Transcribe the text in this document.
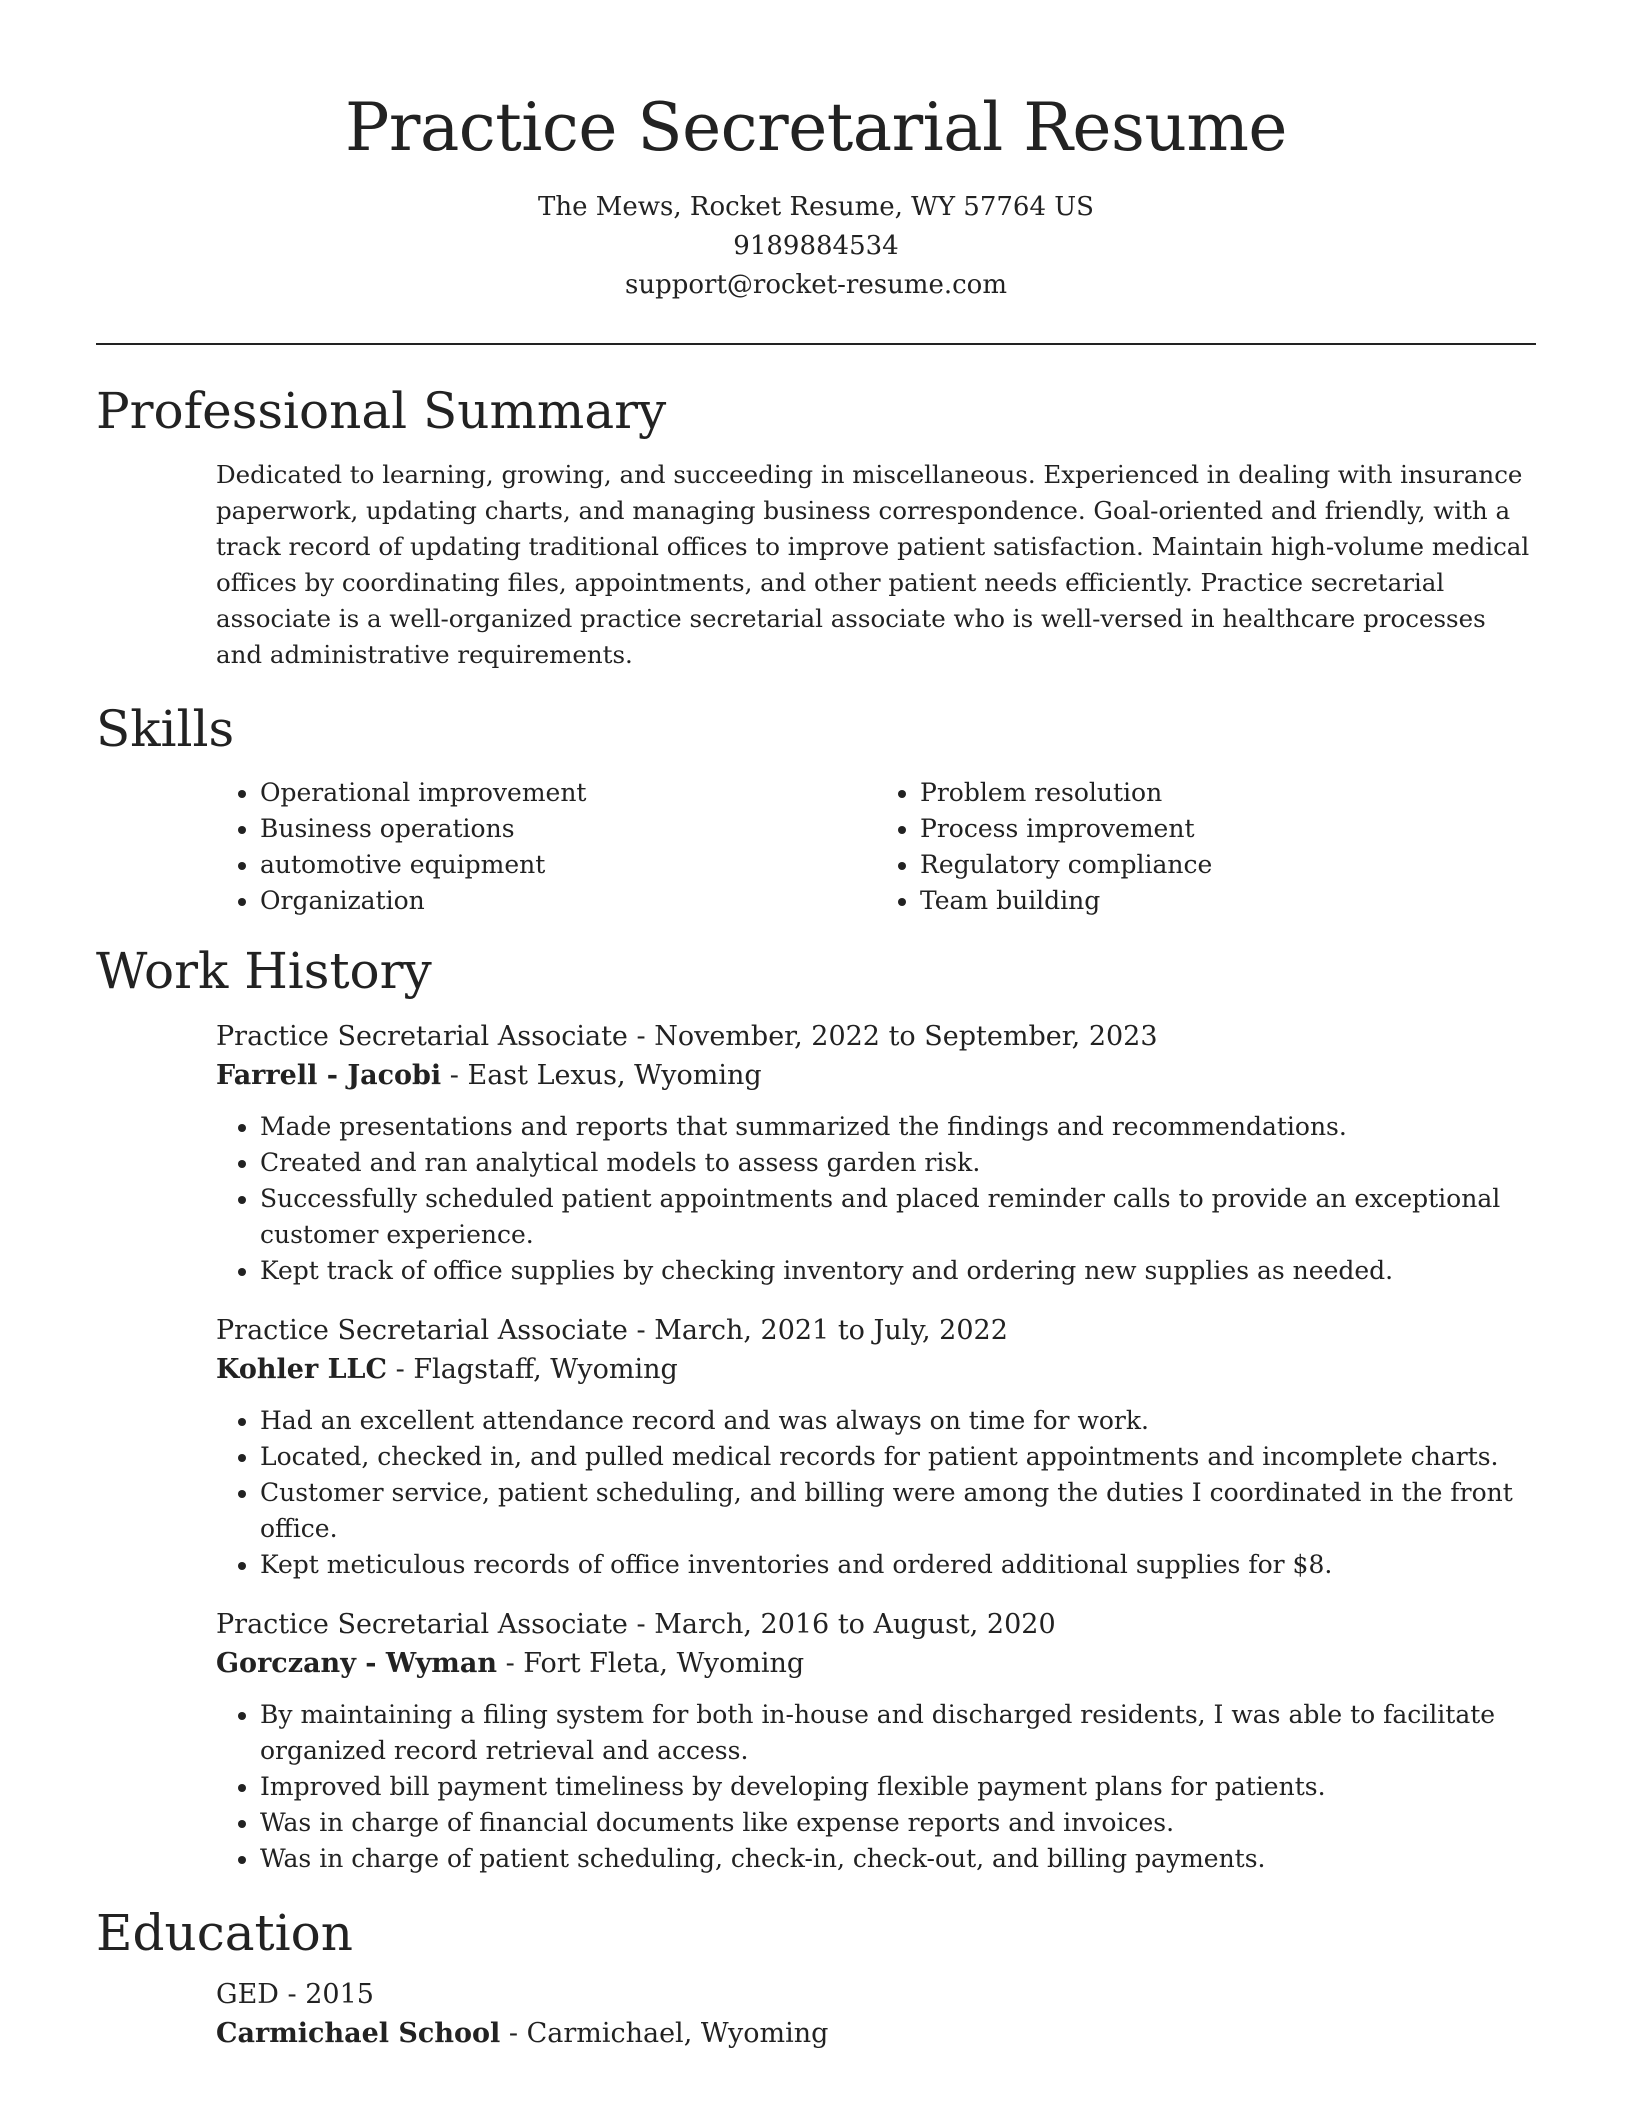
Practice Secretarial Resume
The Mews, Rocket Resume, WY 57764 US
9189884534
support@rocket-resume.com
Professional Summary

Dedicated to learning, growing, and succeeding in miscellaneous. Experienced in dealing with insurance paperwork, updating charts, and managing business correspondence. Goal-oriented and friendly, with a track record of updating traditional offices to improve patient satisfaction. Maintain high-volume medical offices by coordinating files, appointments, and other patient needs efficiently. Practice secretarial associate is a well-organized practice secretarial associate who is well-versed in healthcare processes and administrative requirements.

Skills
• Operational improvement
• Business operations
• automotive equipment
• Organization
• Problem resolution
• Process improvement
• Regulatory compliance
• Team building
Work History
Practice Secretarial Associate - November, 2022 to September, 2023
Farrell - Jacobi - East Lexus, Wyoming
• Made presentations and reports that summarized the findings and recommendations.
• Created and ran analytical models to assess garden risk.
• Successfully scheduled patient appointments and placed reminder calls to provide an exceptional customer experience.
• Kept track of office supplies by checking inventory and ordering new supplies as needed.
Practice Secretarial Associate - March, 2021 to July, 2022
Kohler LLC - Flagstaff, Wyoming
• Had an excellent attendance record and was always on time for work.
• Located, checked in, and pulled medical records for patient appointments and incomplete charts.
• Customer service, patient scheduling, and billing were among the duties I coordinated in the front office.
• Kept meticulous records of office inventories and ordered additional supplies for $8.
Practice Secretarial Associate - March, 2016 to August, 2020
Gorczany - Wyman - Fort Fleta, Wyoming
• By maintaining a filing system for both in-house and discharged residents, I was able to facilitate organized record retrieval and access.
• Improved bill payment timeliness by developing flexible payment plans for patients.
• Was in charge of financial documents like expense reports and invoices.
• Was in charge of patient scheduling, check-in, check-out, and billing payments.
Education
GED - 2015
Carmichael School - Carmichael, Wyoming
